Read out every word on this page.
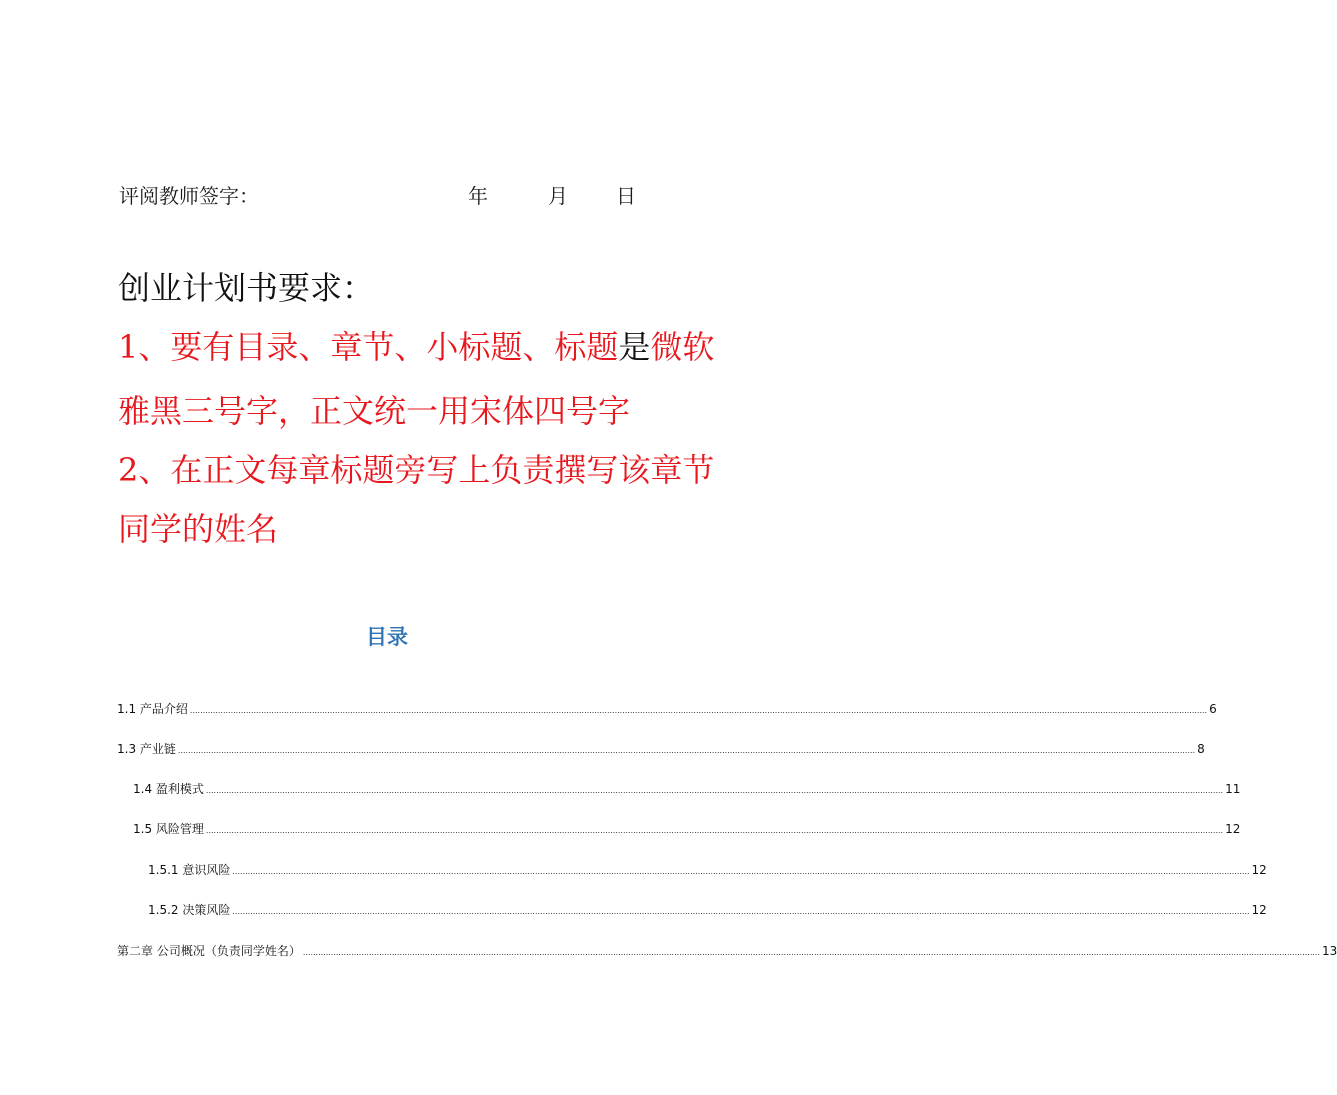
评阅教师签字：	年	月 日
创业计划书要求：
1、要有目录、章节、小标题、标题是微软
雅黑三号字，正文统一用宋体四号字
2、在正文每章标题旁写上负责撰写该章节
同学的姓名
目录
1.1 产品介绍 ................................................................................................................................................................................................................................................................................................................................................................................................................ 6
1.3 产业链 ................................................................................................................................................................................................................................................................................................................................................................................................................ 8
1.4 盈利模式 ................................................................................................................................................................................................................................................................................................................................................................................................................ 11
1.5 风险管理 ................................................................................................................................................................................................................................................................................................................................................................................................................ 12
1.5.1 意识风险 ................................................................................................................................................................................................................................................................................................................................................................................................................ 12
1.5.2 决策风险 ................................................................................................................................................................................................................................................................................................................................................................................................................ 12
第二章 公司概况（负责同学姓名） ................................................................................................................................................................................................................................................................................................................................................................................................................ 13
